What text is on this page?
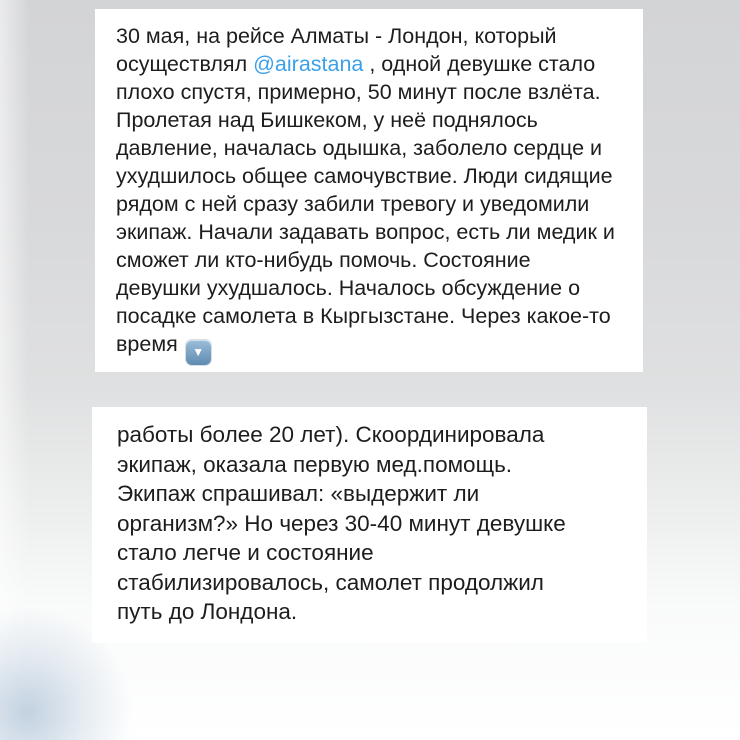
30 мая, на рейсе Алматы - Лондон, который
осуществлял @airastana , одной девушке стало
плохо спустя, примерно, 50 минут после взлёта.
Пролетая над Бишкеком, у неё поднялось
давление, началась одышка, заболело сердце и
ухудшилось общее самочувствие. Люди сидящие
рядом с ней сразу забили тревогу и уведомили
экипаж. Начали задавать вопрос, есть ли медик и
сможет ли кто-нибудь помочь. Состояние
девушки ухудшалось. Началось обсуждение о
посадке самолета в Кыргызстане. Через какое-то
время ▼
работы более 20 лет). Скоординировала
экипаж, оказала первую мед.помощь.
Экипаж спрашивал: «выдержит ли
организм?» Но через 30-40 минут девушке
стало легче и состояние
стабилизировалось, самолет продолжил
путь до Лондона.
